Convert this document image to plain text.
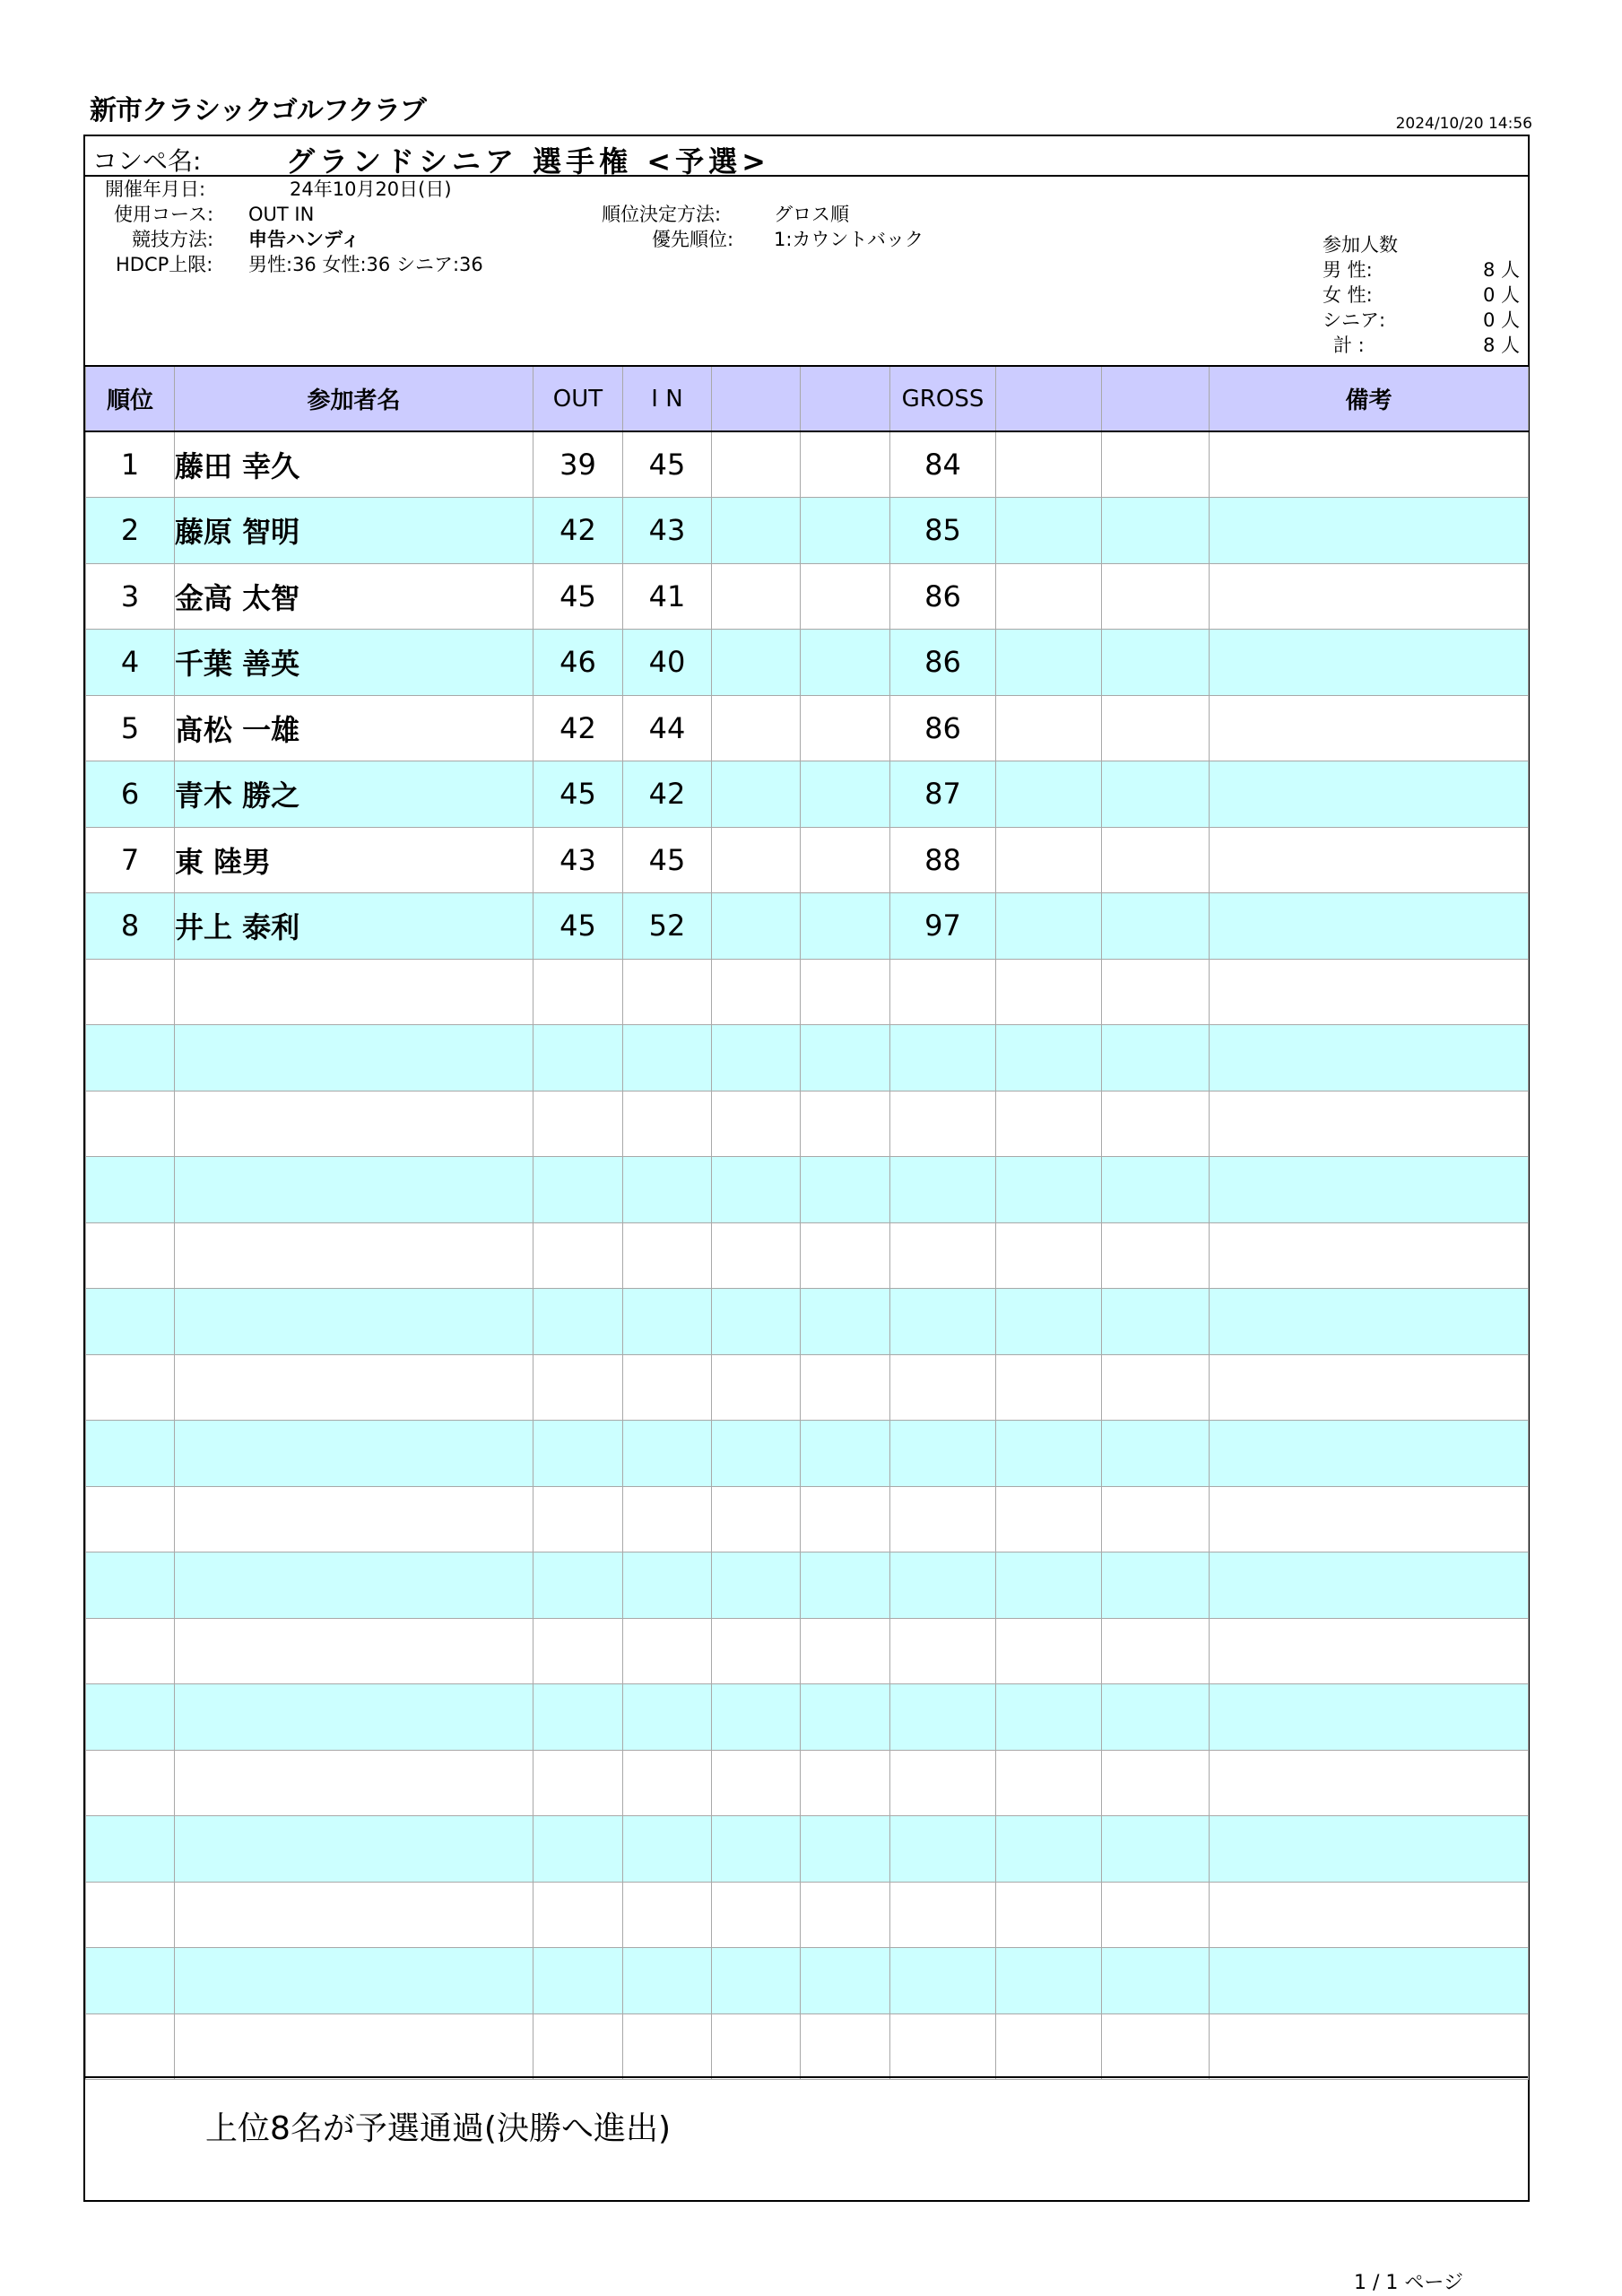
新市クラシックゴルフクラブ	2024/10/20 14:56
コンペ名:	グランドシニア 選手権 <予選>
開催年月日:	24年10月20日(日)
使用コース: OUT IN
競技方法: 申告ハンディ
HDCP上限: 男性:36 女性:36 シニア:36
順位決定方法:	グロス順
優先順位: 1:カウントバック	参加人数
男 性:	8 人
女 性:	0 人
シニア:	0 人
計 :	8 人
順位	参加者名	OUT	I N			GROSS			備考
1	藤田 幸久	39	45			84			
2	藤原 智明	42	43			85			
3	金高 太智	45	41			86			
4	千葉 善英	46	40			86			
5	髙松 一雄	42	44			86			
6	青木 勝之	45	42			87			
7	東 陸男	43	45			88			
8	井上 泰利	45	52			97			

上位8名が予選通過(決勝へ進出)
1 / 1 ページ
